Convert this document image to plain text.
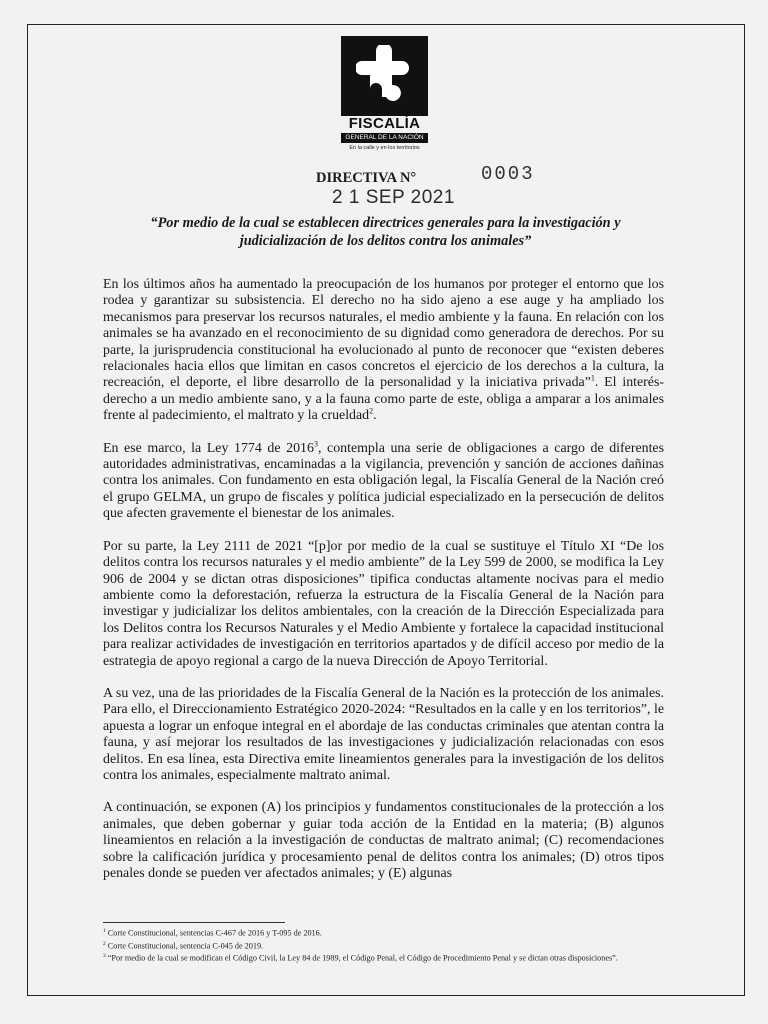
FISCALÍA
GENERAL DE LA NACIÓN
En la calle y en los territorios
DIRECTIVA N°	0003
2 1 SEP 2021
“Por medio de la cual se establecen directrices generales para la investigación y
judicialización de los delitos contra los animales”

En los últimos años ha aumentado la preocupación de los humanos por proteger el entorno que los rodea y garantizar su subsistencia. El derecho no ha sido ajeno a ese auge y ha ampliado los mecanismos para preservar los recursos naturales, el medio ambiente y la fauna. En relación con los animales se ha avanzado en el reconocimiento de su dignidad como generadora de derechos. Por su parte, la jurisprudencia constitucional ha evolucionado al punto de reconocer que “existen deberes relacionales hacia ellos que limitan en casos concretos el ejercicio de los derechos a la cultura, la recreación, el deporte, el libre desarrollo de la personalidad y la iniciativa privada”$^1$. El interés-derecho a un medio ambiente sano, y a la fauna como parte de este, obliga a amparar a los animales frente al padecimiento, el maltrato y la crueldad$^2$.

En ese marco, la Ley 1774 de 2016$^3$, contempla una serie de obligaciones a cargo de diferentes autoridades administrativas, encaminadas a la vigilancia, prevención y sanción de acciones dañinas contra los animales. Con fundamento en esta obligación legal, la Fiscalía General de la Nación creó el grupo GELMA, un grupo de fiscales y política judicial especializado en la persecución de delitos que afecten gravemente el bienestar de los animales.

Por su parte, la Ley 2111 de 2021 “[p]or por medio de la cual se sustituye el Título XI “De los delitos contra los recursos naturales y el medio ambiente” de la Ley 599 de 2000, se modifica la Ley 906 de 2004 y se dictan otras disposiciones” tipifica conductas altamente nocivas para el medio ambiente como la deforestación, refuerza la estructura de la Fiscalía General de la Nación para investigar y judicializar los delitos ambientales, con la creación de la Dirección Especializada para los Delitos contra los Recursos Naturales y el Medio Ambiente y fortalece la capacidad institucional para realizar actividades de investigación en territorios apartados y de difícil acceso por medio de la estrategia de apoyo regional a cargo de la nueva Dirección de Apoyo Territorial.

A su vez, una de las prioridades de la Fiscalía General de la Nación es la protección de los animales. Para ello, el Direccionamiento Estratégico 2020-2024: “Resultados en la calle y en los territorios”, le apuesta a lograr un enfoque integral en el abordaje de las conductas criminales que atentan contra la fauna, y así mejorar los resultados de las investigaciones y judicialización relacionadas con esos delitos. En esa línea, esta Directiva emite lineamientos generales para la investigación de los delitos contra los animales, especialmente maltrato animal.

A continuación, se exponen (A) los principios y fundamentos constitucionales de la protección a los animales, que deben gobernar y guiar toda acción de la Entidad en la materia; (B) algunos lineamientos en relación a la investigación de conductas de maltrato animal; (C) recomendaciones sobre la calificación jurídica y procesamiento penal de delitos contra los animales; (D) otros tipos penales donde se pueden ver afectados animales; y (E) algunas

$^1$ Corte Constitucional, sentencias C-467 de 2016 y T-095 de 2016.
$^2$ Corte Constitucional, sentencia C-045 de 2019.
$^3$ “Por medio de la cual se modifican el Código Civil, la Ley 84 de 1989, el Código Penal, el Código de Procedimiento Penal y se dictan otras disposiciones”.
